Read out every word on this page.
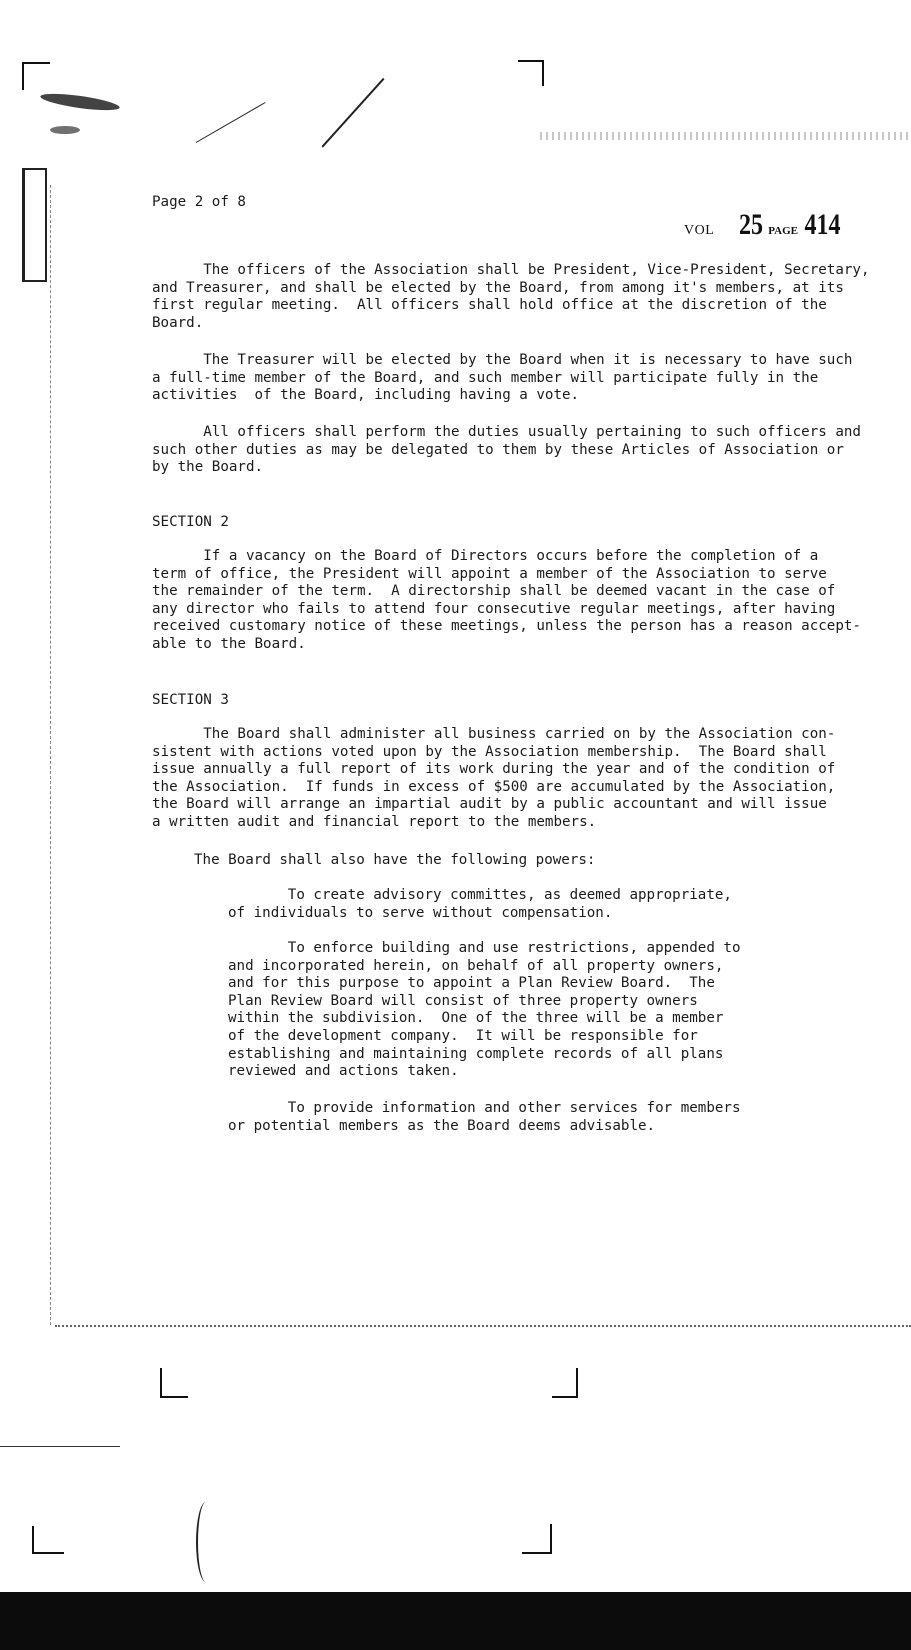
Page 2 of 8

VOL 25 PAGE 414

The officers of the Association shall be President, Vice-President, Secretary,
and Treasurer, and shall be elected by the Board, from among it's members, at its
first regular meeting.  All officers shall hold office at the discretion of the
Board.

The Treasurer will be elected by the Board when it is necessary to have such
a full-time member of the Board, and such member will participate fully in the
activities  of the Board, including having a vote.

All officers shall perform the duties usually pertaining to such officers and
such other duties as may be delegated to them by these Articles of Association or
by the Board.

SECTION 2

If a vacancy on the Board of Directors occurs before the completion of a
term of office, the President will appoint a member of the Association to serve
the remainder of the term.  A directorship shall be deemed vacant in the case of
any director who fails to attend four consecutive regular meetings, after having
received customary notice of these meetings, unless the person has a reason accept-
able to the Board.

SECTION 3

The Board shall administer all business carried on by the Association con-
sistent with actions voted upon by the Association membership.  The Board shall
issue annually a full report of its work during the year and of the condition of
the Association.  If funds in excess of $500 are accumulated by the Association,
the Board will arrange an impartial audit by a public accountant and will issue
a written audit and financial report to the members.

The Board shall also have the following powers:

To create advisory committes, as deemed appropriate,
of individuals to serve without compensation.

To enforce building and use restrictions, appended to
and incorporated herein, on behalf of all property owners,
and for this purpose to appoint a Plan Review Board.  The
Plan Review Board will consist of three property owners
within the subdivision.  One of the three will be a member
of the development company.  It will be responsible for
establishing and maintaining complete records of all plans
reviewed and actions taken.

To provide information and other services for members
or potential members as the Board deems advisable.
